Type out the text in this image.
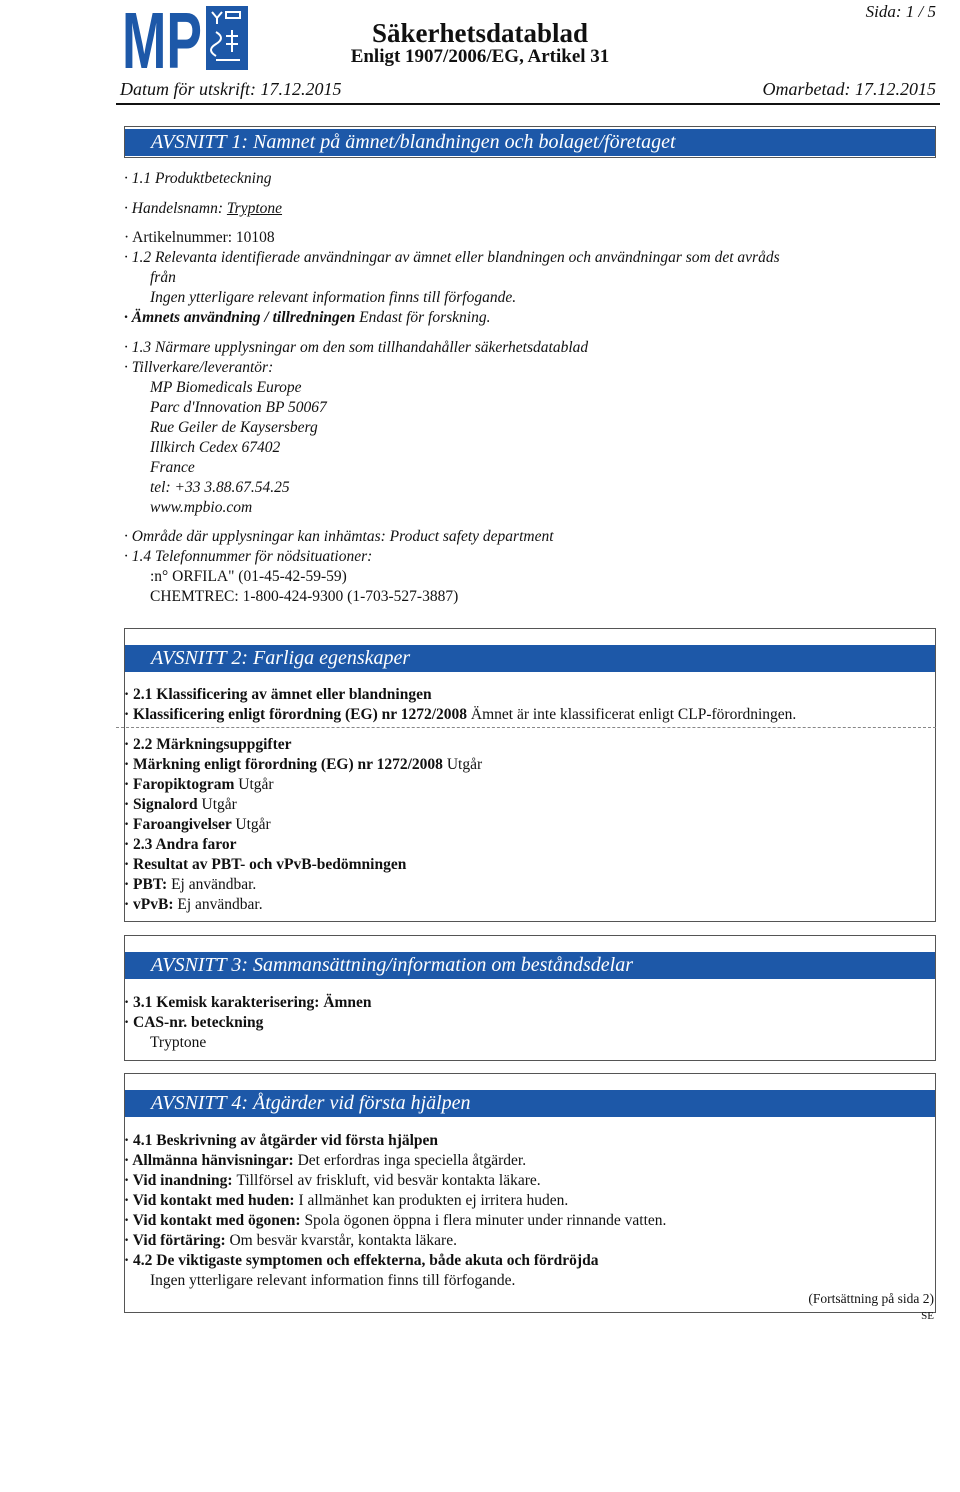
MP	Sida: 1 / 5
Säkerhetsdatablad
Enligt 1907/2006/EG, Artikel 31
Datum för utskrift: 17.12.2015	Omarbetad: 17.12.2015
AVSNITT 1: Namnet på ämnet/blandningen och bolaget/företaget
· 1.1 Produktbeteckning
· Handelsnamn: Tryptone
· Artikelnummer: 10108
· 1.2 Relevanta identifierade användningar av ämnet eller blandningen och användningar som det avråds
från
Ingen ytterligare relevant information finns till förfogande.
· Ämnets användning / tillredningen Endast för forskning.
· 1.3 Närmare upplysningar om den som tillhandahåller säkerhetsdatablad
· Tillverkare/leverantör:
MP Biomedicals Europe
Parc d'Innovation BP 50067
Rue Geiler de Kaysersberg
Illkirch Cedex 67402
France
tel: +33 3.88.67.54.25
www.mpbio.com
· Område där upplysningar kan inhämtas: Product safety department
· 1.4 Telefonnummer för nödsituationer:
:n° ORFILA" (01-45-42-59-59)
CHEMTREC: 1-800-424-9300 (1-703-527-3887)
AVSNITT 2: Farliga egenskaper
· 2.1 Klassificering av ämnet eller blandningen
· Klassificering enligt förordning (EG) nr 1272/2008 Ämnet är inte klassificerat enligt CLP-förordningen.
· 2.2 Märkningsuppgifter
· Märkning enligt förordning (EG) nr 1272/2008 Utgår
· Faropiktogram Utgår
· Signalord Utgår
· Faroangivelser Utgår
· 2.3 Andra faror
· Resultat av PBT- och vPvB-bedömningen
· PBT: Ej användbar.
· vPvB: Ej användbar.
AVSNITT 3: Sammansättning/information om beståndsdelar
· 3.1 Kemisk karakterisering: Ämnen
· CAS-nr. beteckning
Tryptone
AVSNITT 4: Åtgärder vid första hjälpen
· 4.1 Beskrivning av åtgärder vid första hjälpen
· Allmänna hänvisningar: Det erfordras inga speciella åtgärder.
· Vid inandning: Tillförsel av friskluft, vid besvär kontakta läkare.
· Vid kontakt med huden: I allmänhet kan produkten ej irritera huden.
· Vid kontakt med ögonen: Spola ögonen öppna i flera minuter under rinnande vatten.
· Vid förtäring: Om besvär kvarstår, kontakta läkare.
· 4.2 De viktigaste symptomen och effekterna, både akuta och fördröjda
Ingen ytterligare relevant information finns till förfogande.
(Fortsättning på sida 2)
SE
